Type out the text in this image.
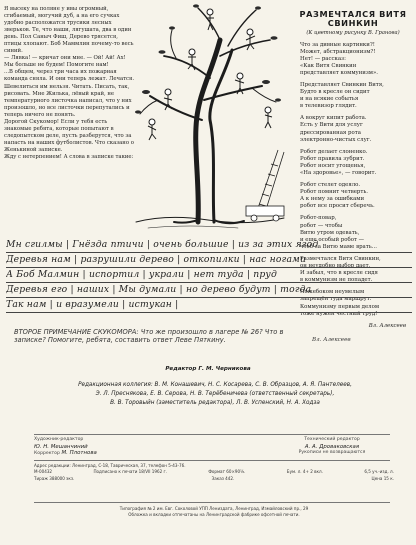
Я высеку на поляне у ивы огромный, сгибаемый, могучий дуб, а на его сучках удобно расположатся трусики лесных зверьков. Те, что наши, лягушата, два в один день. Пол Саныч Фиш, Дерево трясется, птицы хлопают. Боб Маммлин почему-то весь синий.

— Лявка! — кричат они мне. — Ой! Ай! Ах! Мы больше не будем! Помогите нам!

...В общем, через три часа их пожарная команда сняла. И они теперь лежат. Лечатся. Шевелиться им нельзя. Читать. Писать, так, рисовать. Мне Жилька, лёвый край, не температурного листочка написал, что у них произошло, но все листочки перепутались и теперь ничего не понять.

Дорогой Скукомор! Если у тебя есть знакомые ребята, которые попытают в следопытском деле, пусть разберутся, что за напасть на наших футболистов. Что сказано о Женькиной записке.

Жду с нетерпением! А слова в записке такие:

РАЗМЕЧТАЛСЯ ВИТЯ СВИНКИН

(К цветному рисунку В. Гранова)

Что за дивные картинки?!
Может, абстракционизм?!
Нет! — рассказ:
«Как Витя Свинкин
представляет коммунизм».

Представляет Свинкин Витя,
Будто в кресле он сидит
и на всякие событья
в телевизор глядит.

А вокруг кипит работа.
Есть у Вити для услуг
дрессированная рота
электронно-чистых слуг.

Робот делает слоненко.
Робот правила зубрит.
Робот носит угощенья,
«На здоровье», — говорит.

Робот стелет одеяло.
Робот помнит четверть.
А к нему за ошибками
робот все просит сберечь.

Робот-повар,
робот — чтобы
Витю утром одевать,
и еще особый робот —
чтоб за Витю маме врать…

Размечтался Витя Свинкин,
он неудобно выбор дает.
И забыл, что в кресле сидя
в коммунизм не попадет.

Ложебоком неумелым
запрещён туда маршрут.
Коммунизму первым делом
тоже нужен честный труд!

Вл. Алексеев

Мн сгилмы | Гнёзда птичи | очень большие | из за этих ягод
Деревья нам | разрушили дерево | откопилки | нас ногами
А Боб Малмин | испортил | украли | нет туда | пруд
Деревья его | наших | Мы думали | но дерево будут | тогда
Так нам | и вразумели | истукан |
ВТОРОЕ ПРИМЕЧАНИЕ СКУКОМОРА: Что же произошло в лагере № 26? Что в записке? Помогите, ребята, составить ответ Леве Пяткину.	Вл. Алексеев
Редактор Г. М. Черникова
Редакционная коллегия: В. М. Конашевич, Н. С. Косарева, С. В. Образцов, А. Я. Пантелеев,
Э. Л. Преснякова, Е. В. Серова, Н. В. Терёбеничева (ответственный секретарь),
В. В. Торовыйн (заместитель редактора), Л. В. Успенский, Н. А. Ходза
Художник-редактор
Ю. Н. Мешанчиний
Корректор М. Плотнова
Технический редактор
А. А. Дроваковская
Рукописи не возвращаются
Адрес редакции: Ленинград, С-18, Таврическая, 37, телефон 5-43-76.
М-00432	Подписано к печати 18/VII 1962 г.	Формат 60×90⅛.	Бум. л. 4+ 2 вкл.	6,5 уч.-изд. л.
Тираж 388000 экз.	Заказ 442.	Цена 15 к.
Типография № 2 им. Евг. Соколовой УПП Лениздата, Ленинград, Измайловский пр., 29
Обложка и вкладки отпечатаны на Ленинградской фабрике офсетной печати.
